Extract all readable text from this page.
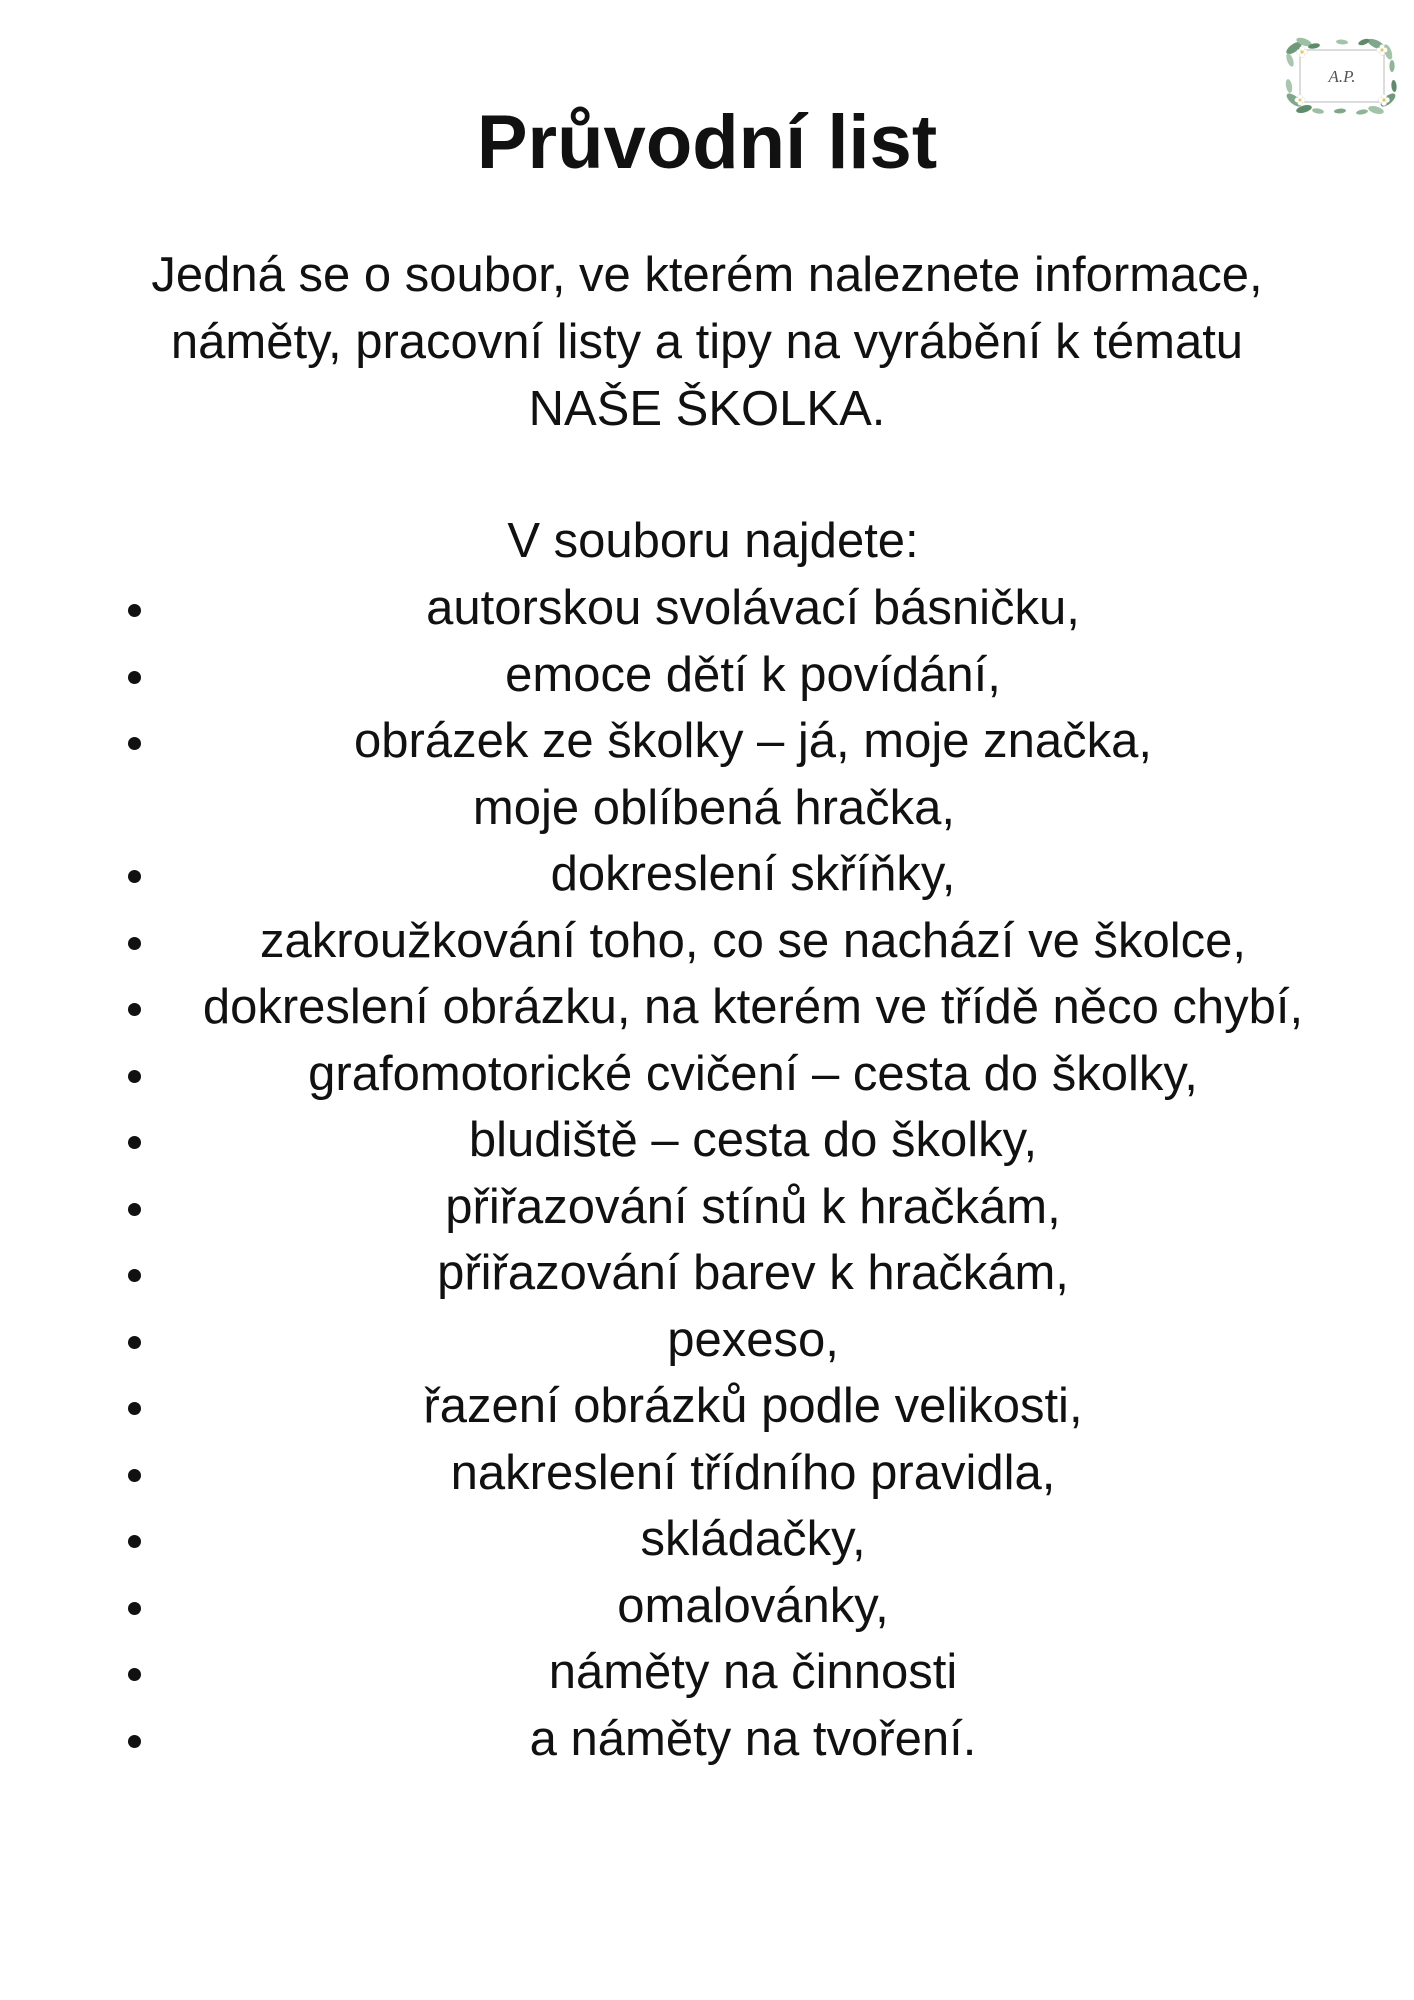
A.P.
Průvodní list
Jedná se o soubor, ve kterém naleznete informace,
náměty, pracovní listy a tipy na vyrábění k tématu
NAŠE ŠKOLKA.
V souboru najdete:
autorskou svolávací básničku,
emoce dětí k povídání,
obrázek ze školky – já, moje značka,
moje oblíbená hračka,
dokreslení skříňky,
zakroužkování toho, co se nachází ve školce,
dokreslení obrázku, na kterém ve třídě něco chybí,
grafomotorické cvičení – cesta do školky,
bludiště – cesta do školky,
přiřazování stínů k hračkám,
přiřazování barev k hračkám,
pexeso,
řazení obrázků podle velikosti,
nakreslení třídního pravidla,
skládačky,
omalovánky,
náměty na činnosti
a náměty na tvoření.
